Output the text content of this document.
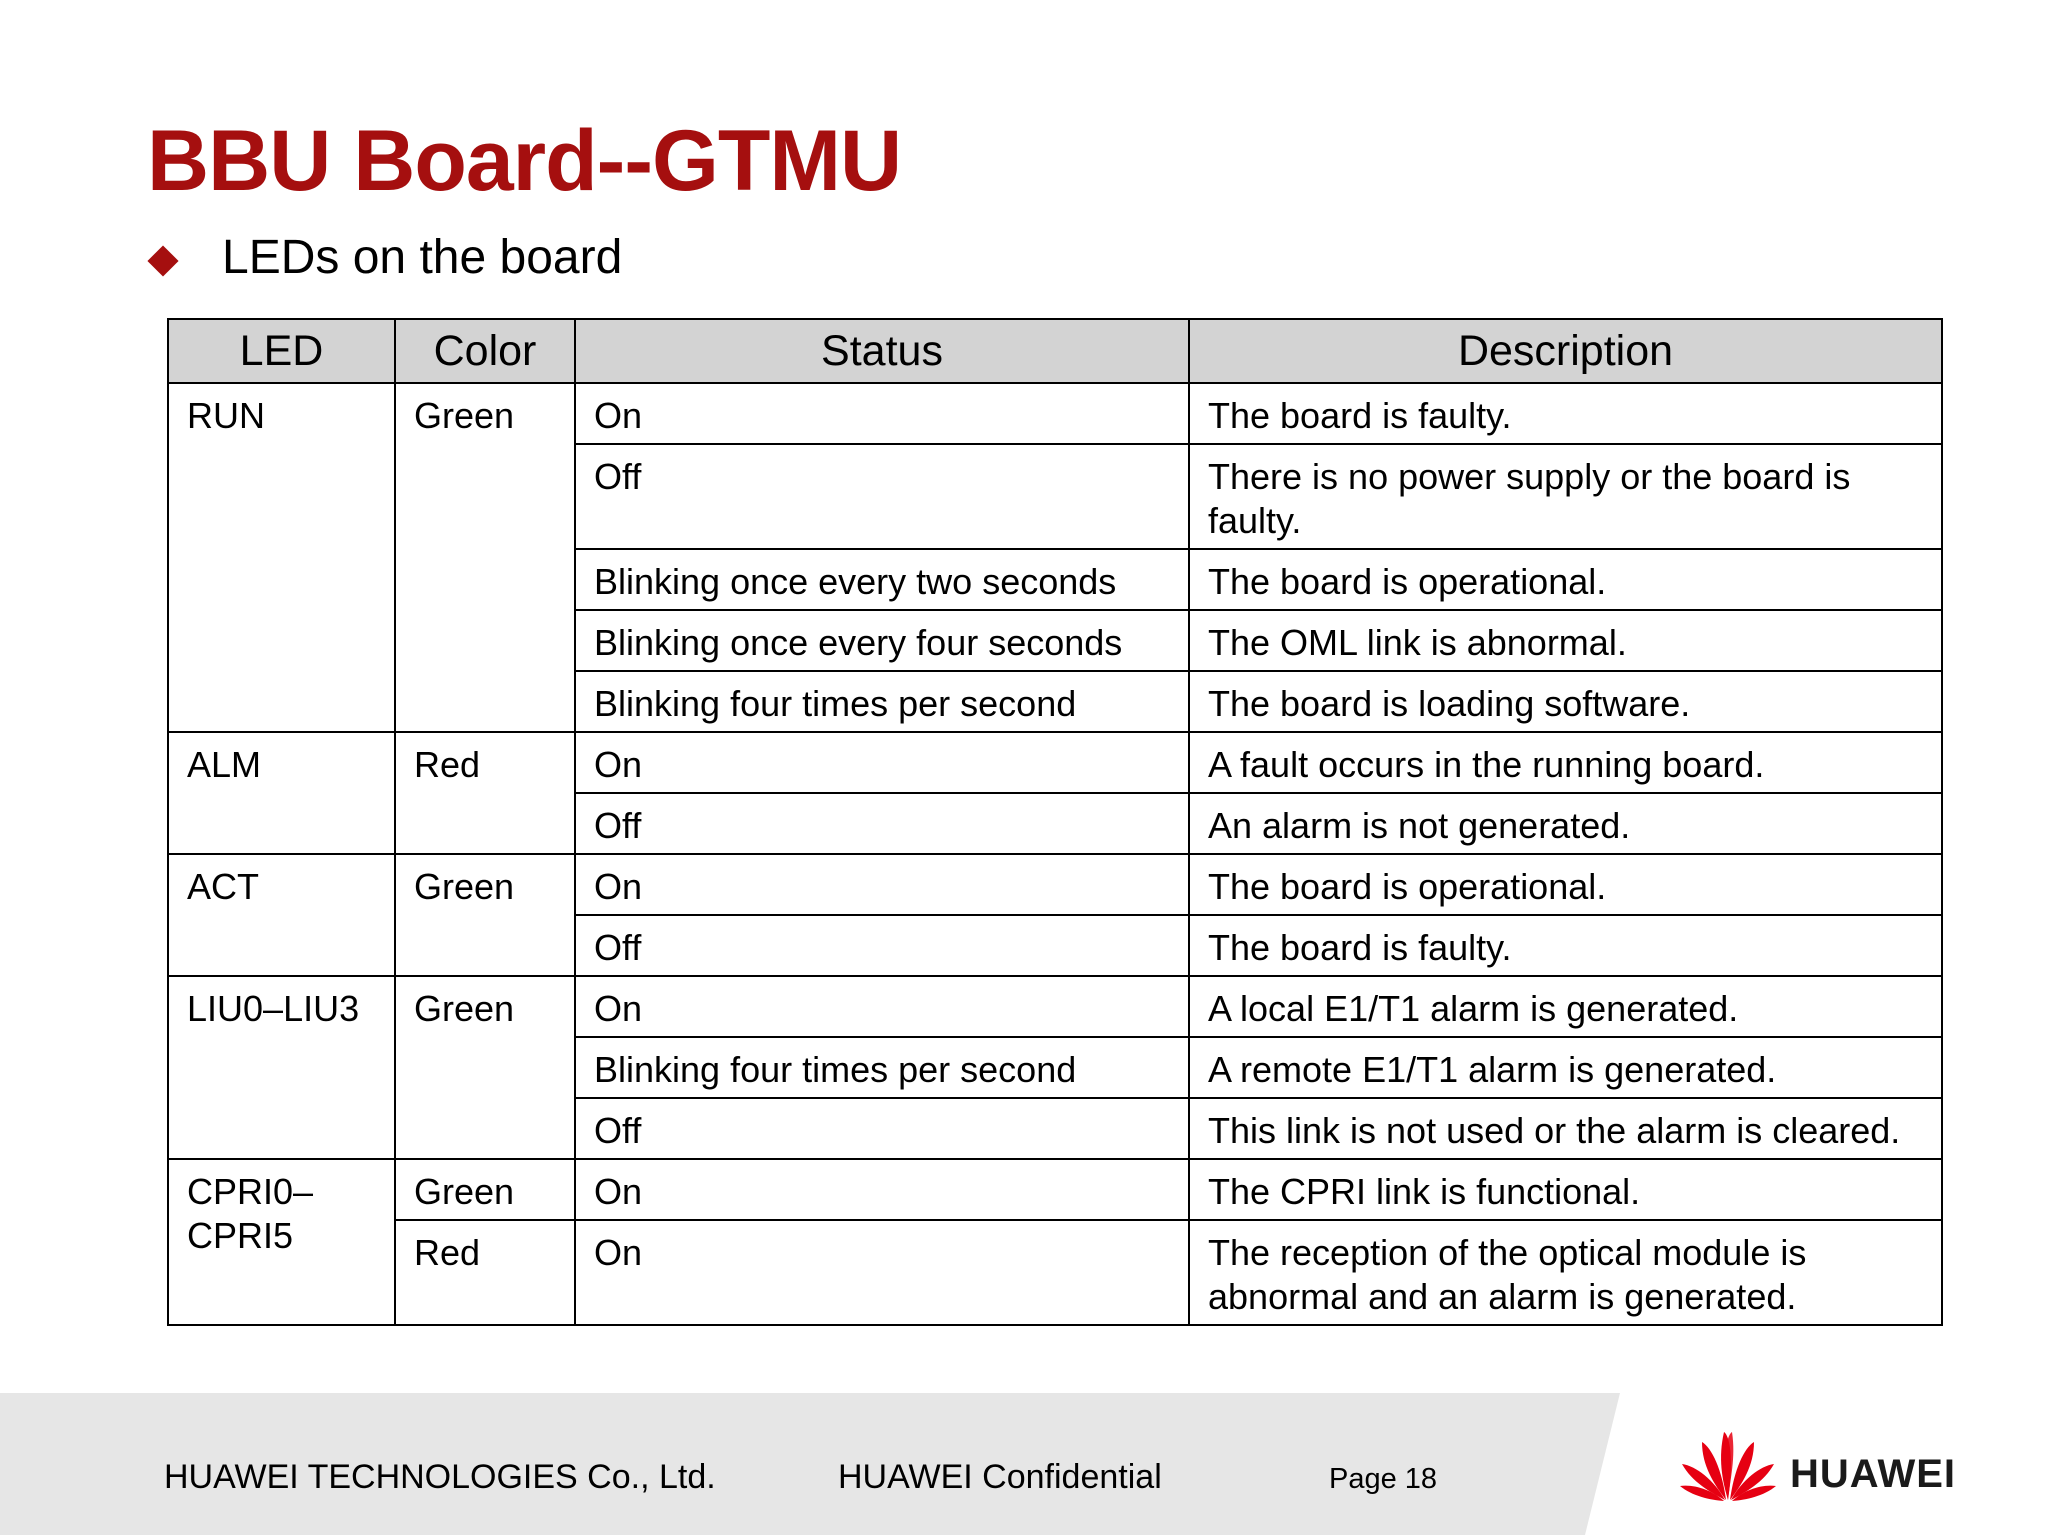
BBU Board--GTMU
LEDs on the board
LED	Color	Status	Description
RUN	Green	On	The board is faulty.
		Off	There is no power supply or the board is faulty.
		Blinking once every two seconds	The board is operational.
		Blinking once every four seconds	The OML link is abnormal.
		Blinking four times per second	The board is loading software.
ALM	Red	On	A fault occurs in the running board.
		Off	An alarm is not generated.
ACT	Green	On	The board is operational.
		Off	The board is faulty.
LIU0–LIU3	Green	On	A local E1/T1 alarm is generated.
		Blinking four times per second	A remote E1/T1 alarm is generated.
		Off	This link is not used or the alarm is cleared.
CPRI0–CPRI5	Green	On	The CPRI link is functional.
	Red	On	The reception of the optical module is abnormal and an alarm is generated.
HUAWEI TECHNOLOGIES Co., Ltd.	HUAWEI Confidential	Page 18	HUAWEI
